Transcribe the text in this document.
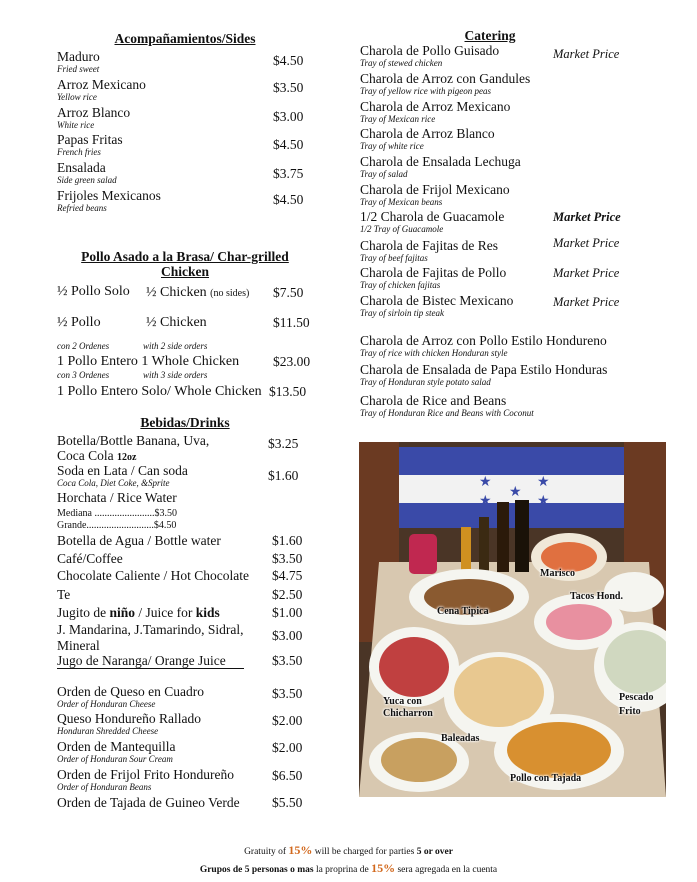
Acompañamientos/Sides
Maduro
Fried sweet
$4.50
Arroz Mexicano
Yellow rice
$3.50
Arroz Blanco
White rice
$3.00
Papas Fritas
French fries	$4.50
Ensalada
Side green salad	$3.75
Frijoles Mexicanos
Refried beans
$4.50
Pollo Asado a la Brasa/ Char-grilled
Chicken
½ Pollo Solo ½ Chicken (no sides) $7.50
½ Pollo	½ Chicken	$11.50
con 2 Ordenes	with 2 side orders
1 Pollo Entero 1 Whole Chicken	$23.00
con 3 Ordenes	with 3 side orders
1 Pollo Entero Solo/ Whole Chicken $13.50
Bebidas/Drinks
Botella/Bottle Banana, Uva,
Coca Cola 12oz
$3.25
Soda en Lata / Can soda
Coca Cola, Diet Coke, &Sprite	$1.60
Horchata / Rice Water
Mediana ........................$3.50
Grande...........................$4.50
Botella de Agua / Bottle water	$1.60
Café/Coffee	$3.50
Chocolate Caliente / Hot Chocolate $4.75
Te	$2.50
Jugito de niño / Juice for kids	$1.00
J. Mandarina, J.Tamarindo, Sidral,
Mineral
$3.00
Jugo de Naranga/ Orange Juice	$3.50
Orden de Queso en Cuadro
Order of Honduran Cheese
$3.50
Queso Hondureño Rallado
Honduran Shredded Cheese
$2.00
Orden de Mantequilla
Order of Honduran Sour Cream
$2.00
Orden de Frijol Frito Hondureño
Order of Honduran Beans
$6.50
Orden de Tajada de Guineo Verde $5.50
Catering
Charola de Pollo Guisado
Tray of stewed chicken
Market Price
Charola de Arroz con Gandules
Tray of yellow rice with pigeon peas
Charola de Arroz Mexicano
Tray of Mexican rice
Charola de Arroz Blanco
Tray of white rice
Charola de Ensalada Lechuga
Tray of salad
Charola de Frijol Mexicano
Tray of Mexican beans
1/2 Charola de Guacamole
1/2 Tray of Guacamole
Market Price
Charola de Fajitas de Res
Tray of beef fajitas
Market Price
Charola de Fajitas de Pollo
Tray of chicken fajitas
Market Price
Charola de Bistec Mexicano
Tray of sirloin tip steak
Market Price
Charola de Arroz con Pollo Estilo Hondureno
Tray of rice with chicken Honduran style
Charola de Ensalada de Papa Estilo Honduras
Tray of Honduran style potato salad
Charola de Rice and Beans
Tray of Honduran Rice and Beans with Coconut
★	★
★
★	★
Marisco
Tacos Hond.
Cena Tipica
Yuca con
Chicharron
Pescado
Frito
Baleadas
Pollo con Tajada
Gratuity of 15% will be charged for parties 5 or over
Grupos de 5 personas o mas la proprina de 15% sera agregada en la cuenta
